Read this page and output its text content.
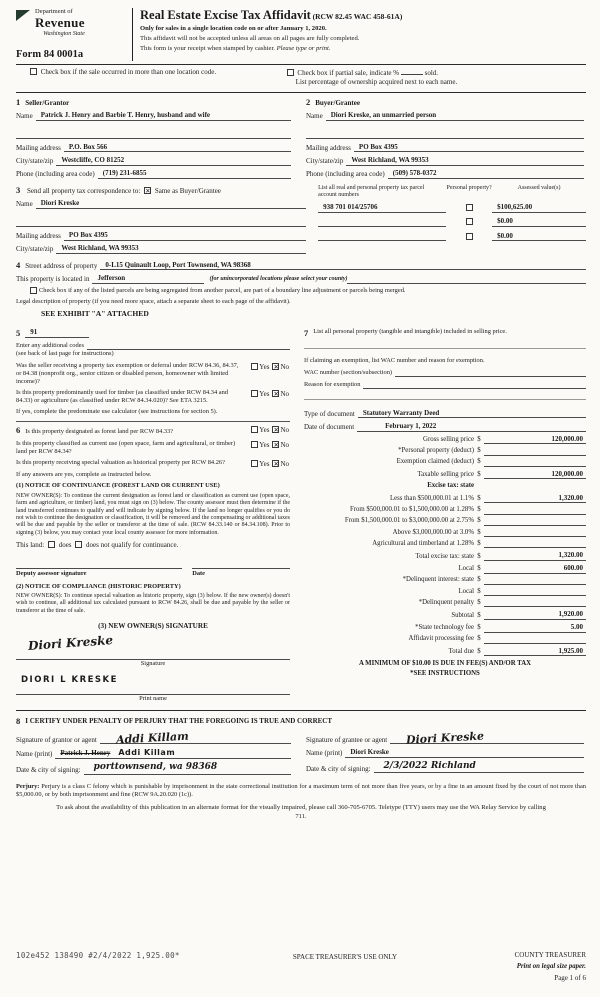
Department of
Revenue
Washington State
Form 84 0001a
Real Estate Excise Tax Affidavit (RCW 82.45 WAC 458-61A)
Only for sales in a single location code on or after January 1, 2020.
This affidavit will not be accepted unless all areas on all pages are fully completed.
This form is your receipt when stamped by cashier. Please type or print.
Check box if the sale occurred in more than one location code.	Check box if partial sale, indicate %	sold.
List percentage of ownership acquired next to each name.
1 Seller/Grantor
Name	Patrick J. Henry and Barbie T. Henry, husband and wife
Mailing address	P.O. Box 566
City/state/zip	Westcliffe, CO 81252
Phone (including area code)	(719) 231-6855
2 Buyer/Grantee
Name	Diori Kreske, an unmarried person
Mailing address	PO Box 4395
City/state/zip	West Richland, WA 99353
Phone (including area code)	(509) 578-0372
3 Send all property tax correspondence to: ✕ Same as Buyer/Grantee
Name	Diori Kreske
Mailing address	PO Box 4395
City/state/zip	West Richland, WA 99353
List all real and personal property tax parcel account numbers
Personal property?	Assessed value(s)
938 701 014/25706	$100,625.00
$0.00
$0.00
4 Street address of property	0-L15 Quinault Loop, Port Townsend, WA 98368
This property is located in	Jefferson	(for unincorporated locations please select your county)
Check box if any of the listed parcels are being segregated from another parcel, are part of a boundary line adjustment or parcels being merged.
Legal description of property (if you need more space, attach a separate sheet to each page of the affidavit).
SEE EXHIBIT "A" ATTACHED
5	91
Enter any additional codes
(see back of last page for instructions)
Was the seller receiving a property tax exemption or deferral under RCW 84.36, 84.37, or 84.38 (nonprofit org., senior citizen or disabled person, homeowner with limited income)?
Yes ✕ No
Is this property predominantly used for timber (as classified under RCW 84.34 and 84.33) or agriculture (as classified under RCW 84.34.020)? See ETA 3215.
Yes ✕ No
If yes, complete the predominate use calculator (see instructions for section 5).
6 Is this property designated as forest land per RCW 84.33?	Yes ✕ No
Is this property classified as current use (open space, farm and agricultural, or timber) land per RCW 84.34?
Yes ✕ No
Is this property receiving special valuation as historical property per RCW 84.26?	Yes ✕ No
If any answers are yes, complete as instructed below.
(1) NOTICE OF CONTINUANCE (FOREST LAND OR CURRENT USE)
NEW OWNER(S): To continue the current designation as forest land or classification as current use (open space, farm and agriculture, or timber) land, you must sign on (3) below. The county assessor must then determine if the land transferred continues to qualify and will indicate by signing below. If the land no longer qualifies or you do not wish to continue the designation or classification, it will be removed and the compensating or additional taxes will be due and payable by the seller or transferor at the time of sale. (RCW 84.33.140 or 84.34.108). Prior to signing (3) below, you may contact your local county assessor for more information.
This land: does does not qualify for continuance.
Deputy assessor signature	Date
(2) NOTICE OF COMPLIANCE (HISTORIC PROPERTY)
NEW OWNER(S): To continue special valuation as historic property, sign (3) below. If the new owner(s) doesn't wish to continue, all additional tax calculated pursuant to RCW 84.26, shall be due and payable by the seller or transferor at the time of sale.
(3) NEW OWNER(S) SIGNATURE
Diori Kreske
Signature
DIORI L KRESKE
Print name
7 List all personal property (tangible and intangible) included in selling price.
If claiming an exemption, list WAC number and reason for exemption.
WAC number (section/subsection)
Reason for exemption
Type of document	Statutory Warranty Deed
Date of document	February 1, 2022
Gross selling price $	120,000.00
*Personal property (deduct) $
Exemption claimed (deduct) $
Taxable selling price $	120,000.00
Excise tax: state
Less than $500,000.01 at 1.1% $	1,320.00
From $500,000.01 to $1,500,000.00 at 1.28% $
From $1,500,000.01 to $3,000,000.00 at 2.75% $
Above $3,000,000.00 at 3.0% $
Agricultural and timberland at 1.28% $
Total excise tax: state $	1,320.00
Local $	600.00
*Delinquent interest: state $
Local $
*Delinquent penalty $
Subtotal $	1,920.00
*State technology fee $	5.00
Affidavit processing fee $
Total due $	1,925.00
A MINIMUM OF $10.00 IS DUE IN FEE(S) AND/OR TAX
*SEE INSTRUCTIONS
8 I CERTIFY UNDER PENALTY OF PERJURY THAT THE FOREGOING IS TRUE AND CORRECT
Signature of grantor or agent	Addi Killam
Name (print)	Patrick J. Henry Addi Killam
Date & city of signing:	porttownsend, wa 98368
Signature of grantee or agent	Diori Kreske
Name (print)	Diori Kreske
Date & city of signing:	2/3/2022 Richland
Perjury: Perjury is a class C felony which is punishable by imprisonment in the state correctional institution for a maximum term of not more than five years, or by a fine in an amount fixed by the court of not more than $5,000.00, or by both imprisonment and fine (RCW 9A.20.020 (1c)).
To ask about the availability of this publication in an alternate format for the visually impaired, please call 360-705-6705. Teletype (TTY) users may use the WA Relay Service by calling 711.
102e452 138490 #2/4/2022 1,925.00*	SPACE TREASURER'S USE ONLY	COUNTY TREASURER
Print on legal size paper.
Page 1 of 6
